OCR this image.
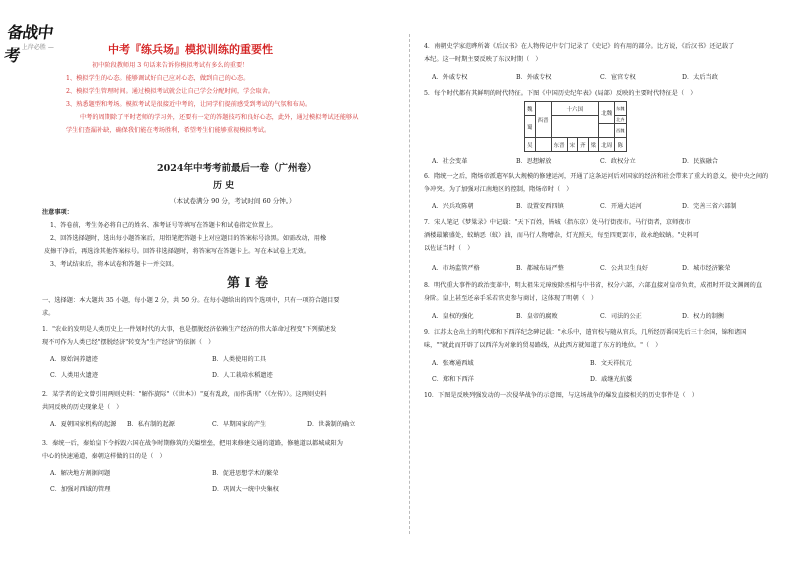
备战中考
— 上岸必胜 —	中考『练兵场』模拟训练的重要性
初中阶段教师用 3 句话来告诉你模拟考试有多么的重要！
1、模拟学生的心态。能够调试好自己应对心态，做到自己的心态。
2、模拟学生管理时间。通过模拟考试就会让自己学会分配时间，学会取舍。
3、熟悉题型和考场。模拟考试是很接近中考的，让同学们提前感受到考试的气氛和布局。
中考的周期除了平时老师的学习外，还要有一定的答题技巧和良好心态，此外，通过模拟考试还能够从
学生们查漏补缺，确保我们能在考场胜利，希望考生们能够重视模拟考试。
2024年中考考前最后一卷（广州卷）
历 史
（本试卷满分 90 分，考试时间 60 分钟。）
注意事项：
1、答卷前，考生务必将自己的姓名、准考证号等填写在答题卡和试卷指定位置上。
2、回答选择题时，选出每小题答案后，用铅笔把答题卡上对应题目的答案标号涂黑。如需改动，用橡
皮擦干净后，再选涂其他答案标号。回答非选择题时，将答案写在答题卡上。写在本试卷上无效。
3、考试结束后，将本试卷和答题卡一并交回。
第 I 卷
一、选择题：本大题共 35 小题，每小题 2 分，共 50 分。在每小题给出的四个选项中，只有一项符合题目要
求。
1．"农业的发明是人类历史上一件划时代的大事，也是摆脱经济依赖生产经济的伟大革命过程变"下列描述发
现不可作为人类已经"摆脱经济"转变为"生产经济"的依据（　）
A．原始饲养遗迹	B．人类使用的工具
C．人类用火遗迹	D．人工栽培水稻遗迹
2．某学者的论文曾引用两则史料："解作旋际"（《世本》）"夏有乱政，而作禹刑"（《左传》）。这两则史料
共同反映的历史现象是（　）
A．夏朝国家机构的起源 B．私有制的起源	C．早期国家的产生	D．世袭制的确立
3．秦统一后，秦始皇下令拆毁六国在战争时期修筑的关隘壁垒，把用来修建交通的道路，修驰道以都城咸阳为
中心的快速通道，秦朝这样做的目的是（　）
A．解决地方割据问题	B．促进思想学术的繁荣
C．加强对西域的管理	D．巩固大一统中央集权
4．南朝史学家范晔所著《后汉书》在人物传记中专门记录了《史记》的有用的部分。比方说，《后汉书》还记载了
本纪。这一时期主要反映了东汉时期（　）
A．外戚专权	B．外戚专权	C．宦官专权	D．太后当政
5．每个时代都有其鲜明的时代特征。下图《中国历史纪年表》(局部）反映的主要时代特征是（　）
魏	西晋	十六国				北魏	东魏
蜀							北齐
							西魏
吴		东晋	宋	齐	梁	北周	陈
A．社会变革	B．思想解放	C．政权分立	D．民族融合
6．隋统一之后，隋炀帝派遣军队大规模的修建运河，开通了这条运河后对国家的经济和社会带来了重大的意义，使中央之间的
争冲突。为了加强对江南地区的控制，隋炀帝时（　）
A．兴兵攻陈朝	B．设置安西四镇	C．开通大运河	D．完善三省六部制
7．宋人笔记《梦粱录》中记载："天下百姓，皆城（指东京）处马行街夜市。马行街者，京师夜市
酒楼最繁盛处，蚊蚋恶（蚊）油，而马行人物嘈杂，灯光照天，每至四更罢市，故永绝蚊蚋。"史料可
以佐证当时（　）
A．市场监管严格	B．都城布局严整	C．公共卫生良好	D．城市经济繁荣
8．明代重大事件的政治变革中，明太祖朱元璋废除丞相与中书省，权分六部，六部直接对皇帝负责，成祖时开设文渊阁的直
身阶。皇上甚至还亲手采若官吏参与商讨，这体现了明朝（　）
A．皇权的强化	B．皇帝的腐败	C．司法的公正	D．权力的制衡
9．江苏太仓出土的明代郑和下西洋纪念碑记载："永乐中，遣官校与随从官兵，几所经历番国先后三十余国，锦和诸国
味，""就此而开辟了以西洋为对象的贸易路线，从此西方就知道了东方的地位。"（　）
A．张骞通西域	B．文天祥抗元
C．郑和下西洋	D．戚继光抗倭
10．下图是反映列强发动的一次侵华战争的示意图，与这场战争的爆发直接相关的历史事件是（　）
